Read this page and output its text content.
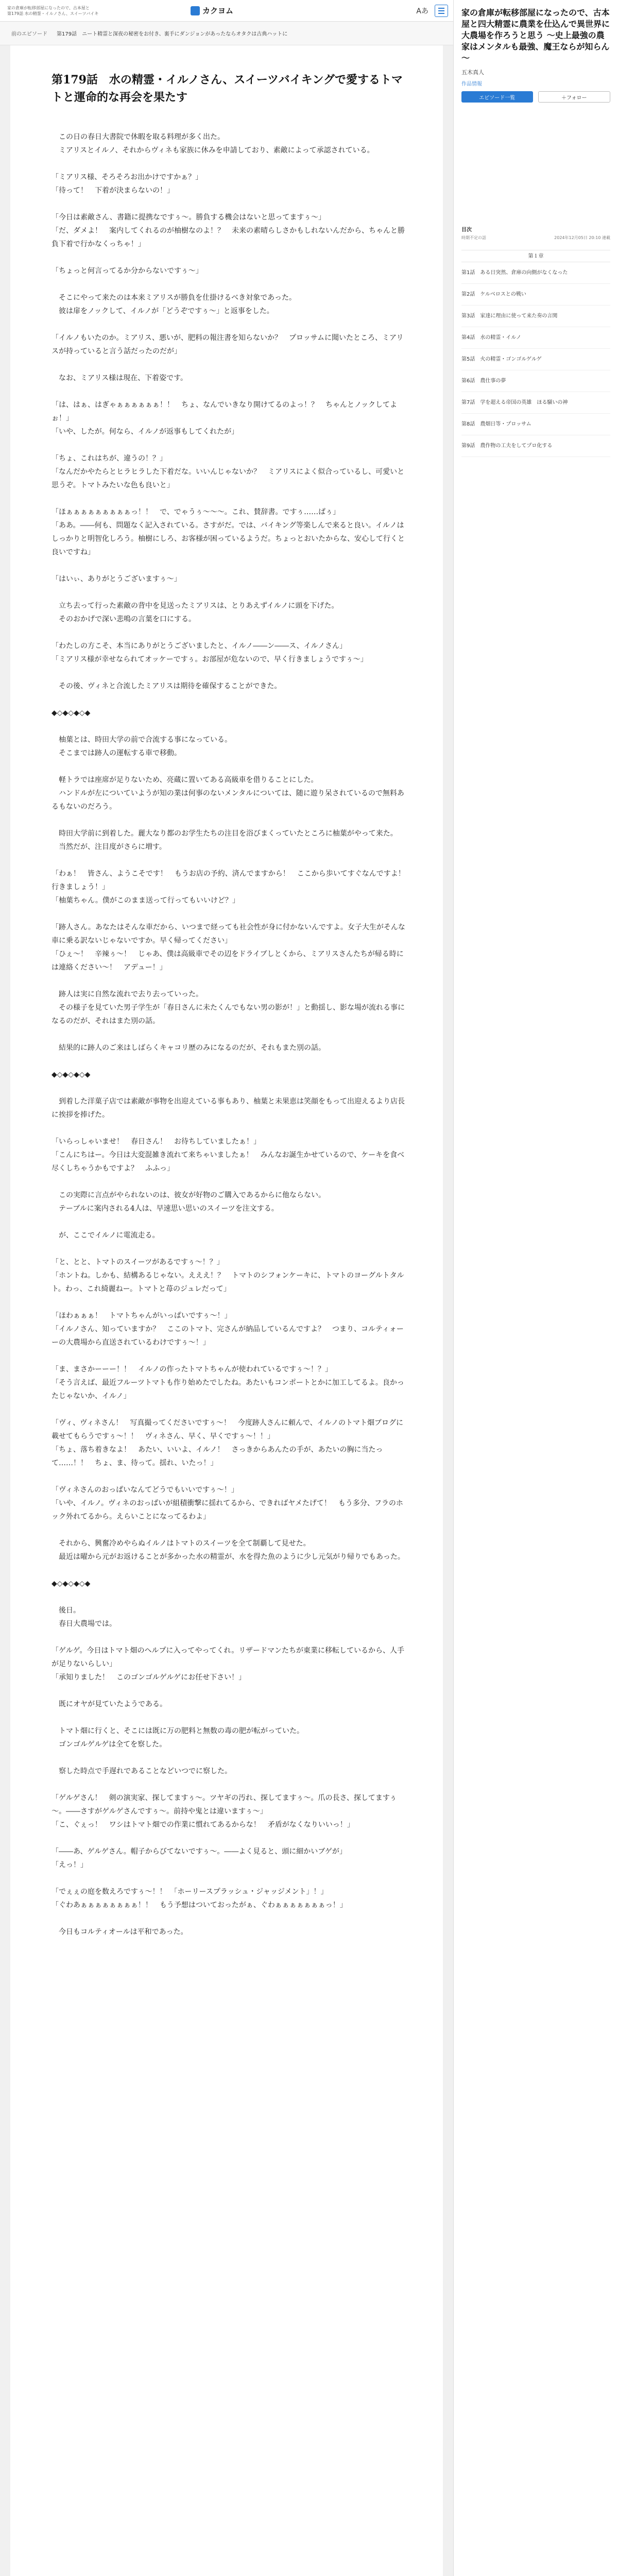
家の倉庫が転移部屋になったので、古本屋と
第179話 水の精霊・イルノさん、スイーツバイキ	カクヨム	Aあ
前のエピソード 第179話　ニート精霊と深夜の秘密をお付き、裏手にダンジョンがあったならオタクは古典ハットに
第179話　水の精霊・イルノさん、スイーツバイキングで愛するトマトと運命的な再会を果たす

　この日の春日大書院で休暇を取る料理が多く出た。
　ミアリスとイルノ、それからヴィネも家族に休みを申請しており、素敵によって承認されている。

「ミアリス様、そろそろお出かけですかぁ？」
「待って！　下着が決まらないの！」

「今日は素敵さん、書籍に提携なですぅ～。勝負する機会はないと思ってますぅ～」
「だ、ダメよ！　案内してくれるのが柚樹なのよ！？　未来の素晴らしさかもしれないんだから、ちゃんと勝負下着で行かなくっちゃ！」

「ちょっと何言ってるか分からないですぅ～」

　そこにやって来たのは本来ミアリスが勝負を仕掛けるべき対象であった。
　彼は扉をノックして、イルノが「どうぞですぅ～」と返事をした。

「イルノもいたのか。ミアリス、悪いが、肥料の報注書を知らないか？　プロッサムに聞いたところ、ミアリスが持っていると言う話だったのだが」

　なお、ミアリス様は現在、下着姿です。

「は、はぁ、はぎゃぁぁぁぁぁぁ！！　ちょ、なんでいきなり開けてるのよっ！？　ちゃんとノックしてよぉ！」
「いや、したが。何なら、イルノが返事もしてくれたが」

「ちょ、これはちが、違うの！？」
「なんだかやたらとヒラヒラした下着だな。いいんじゃないか？　ミアリスによく似合っているし、可愛いと思うぞ。トマトみたいな色も良いと」

「ほぁぁぁぁぁぁぁぁぁっ！！　で、でゃうぅ～～～。これ、賛辞書。ですぅ……ぱぅ」
「ああ。――何も、問題なく記入されている。さすがだ。では、バイキング等楽しんで来ると良い。イルノはしっかりと明智化しろう。柚樹にしろ、お客様が困っているようだ。ちょっとおいたからな、安心して行くと良いですね」

「はいぃ、ありがとうございますぅ～」

　立ち去って行った素敵の背中を見送ったミアリスは、とりあえずイルノに頭を下げた。
　そのおかげで深い悲鳴の言葉を口にする。

「わたしの方こそ、本当にありがとうございましたと、イルノ――ン――ス、イルノさん」
「ミアリス様が幸せなられてオッケーですぅ。お部屋が危ないので、早く行きましょうですぅ～」

　その後、ヴィネと合流したミアリスは期待を確保することができた。

◆◇◆◇◆◇◆

　柚葉とは、時田大学の前で合流する事になっている。
　そこまでは跡人の運転する車で移動。

　軽トラでは座席が足りないため、亮蔵に置いてある高級車を借りることにした。
　ハンドルが左についていようが知の業は何事のないメンタルについては、随に遊り呆されているので無料あるもないのだろう。

　時田大学前に到着した。麗大なり都のお学生たちの注目を浴びまくっていたところに柚葉がやって来た。
　当然だが、注目度がさらに増す。

「わぁ！　皆さん、ようこそです！　もうお店の予約、済んでますから！　ここから歩いてすぐなんですよ！　行きましょう！」
「柚葉ちゃん。僕がこのまま送って行ってもいいけど？」

「跡人さん。あなたはそんな車だから、いつまで経っても社会性が身に付かないんですよ。女子大生がそんな車に乗る訳ないじゃないですか。早く帰ってください」
「ひぇ～！　辛辣ぅ～！　じゃあ、僕は高級車でその辺をドライブしとくから、ミアリスさんたちが帰る時には連絡ください～！　アデュー！」

　跡人は実に自然な流れで去り去っていった。
　その様子を見ていた男子学生が「春日さんに未たくんでもない男の影が！」と動揺し、影な場が流れる事になるのだが、それはまた別の話。

　結果的に跡人のご来はしばらくキャコリ歴のみになるのだが、それもまた別の話。

◆◇◆◇◆◇◆

　到着した洋菓子店では素敵が事物を出迎えている事もあり、柚葉と未果恵は笑顔をもって出迎えるより店長に挨拶を捧げた。

「いらっしゃいませ！　春日さん！　お待ちしていましたぁ！」
「こんにちはー。今日は大変混雑き流れて来ちゃいましたぁ！　みんなお誕生かせているので、ケーキを食べ尽くしちゃうかもですよ？　ふふっ」

　この実際に言点がやられないのは、彼女が好物のご購入であるからに他ならない。
　テーブルに案内される4人は、早速思い思いのスイーツを注文する。

　が、ここでイルノに電流走る。

「と、とと、トマトのスイーツがあるですぅ～！？」
「ホントね。しかも、結構あるじゃない。えええ！？　トマトのシフォンケーキに、トマトのヨーグルトタルト。わっ、これ綺麗ねー。トマトと苺のジュレだって」

「ほわぁぁぁ！　トマトちゃんがいっぱいですぅ～！」
「イルノさん、知っていますか？　ここのトマト、完さんが納品しているんですよ？　つまり、コルティォーーの大農場から直送されているわけですぅ～！」

「ま、まさかーーー！！　イルノの作ったトマトちゃんが使われているですぅ～！？」
「そう言えば、最近フルーツトマトも作り始めたでしたね。あたいもコンポートとかに加工してるよ。良かったじゃないか、イルノ」

「ヴィ、ヴィネさん！　写真撮ってくださいですぅ～！　今度跡人さんに頼んで、イルノのトマト畑ブログに載せてもらうですぅ～！！　ヴィネさん、早く、早くですぅ～！！」
「ちょ、落ち着きなよ！　あたい、いいよ、イルノ！　さっきからあんたの手が、あたいの胸に当たって……！！　ちょ、ま、待って。揺れ、いたっ！」

「ヴィネさんのおっぱいなんてどうでもいいですぅ～！」
「いや、イルノ。ヴィネのおっぱいが組積衝撃に揺れてるから、できればヤメたげて！　もう多分、フラのホック外れてるから。えらいことになってるわよ」

　それから、興奮冷めやらぬイルノはトマトのスイーツを全て制覇して見せた。
　最近は曜から元がお返けることが多かった水の精霊が、水を得た魚のように少し元気がり帰りでもあった。

◆◇◆◇◆◇◆

　後日。
　春日大農場では。

「ゲルゲ。今日はトマト畑のヘルプに入ってやってくれ。リザードマンたちが東業に移転しているから、人手が足りないらしい」
「承知りました！　このゴンゴルゲルゲにお任せ下さい！」

　既にオヤが見ていたようである。

　トマト畑に行くと、そこには既に万の肥料と無数の毒の肥が転がっていた。
　ゴンゴルゲルゲは全てを察した。

　察した時点で手遅れであることなどいつでに察した。

「ゲルゲさん！　剣の演実家、探してますぅ～。ツヤギの汚れ、探してますぅ～。爪の長さ、探してますぅ～。――さすがゲルゲさんですぅ～。前持や鬼とは違いますぅ～」
「こ、ぐぇっ！　ワシはトマト畑での作業に慣れてあるからな！　矛盾がなくなりいいっ！」

「――あ、ゲルゲさん。帽子からびてないですぅ～。――よく見ると、頭に細かいブゲが」
「えっ！」

「でぇぇの庭を数えろですぅ～！！　「ホーリースプラッシュ・ジャッジメント」！」
「ぐわあぁぁぁぁぁぁぁぁ！！　もう予想はついておったがぁ、ぐわぁぁぁぁぁぁぁっ！」

　今日もコルティオールは平和であった。

家の倉庫が転移部屋になったので、古本屋と四大精霊に農業を仕込んで異世界に大農場を作ろうと思う ～史上最強の農家はメンタルも最強、魔王ならが知らん～
五木真人
作品情報
エピソード一覧	＋フォロー
目次
時期不定の話	2024年12月05日 20:10 連載
第１章
第1話　ある日突然、倉庫の向側がなくなった
第2話　ケルベロスとの戦い
第3話　家達に理由に使って来た奏の言関
第4話　水の精霊・イルノ
第5話　火の精霊・ゴンゴルゲルゲ
第6話　農仕事の夢
第7話　学を超える帝国の英雄　ほる騒いの神
第8話　農畑日等・プロッサム
第9話　農作物の工夫をしてプロ化する
